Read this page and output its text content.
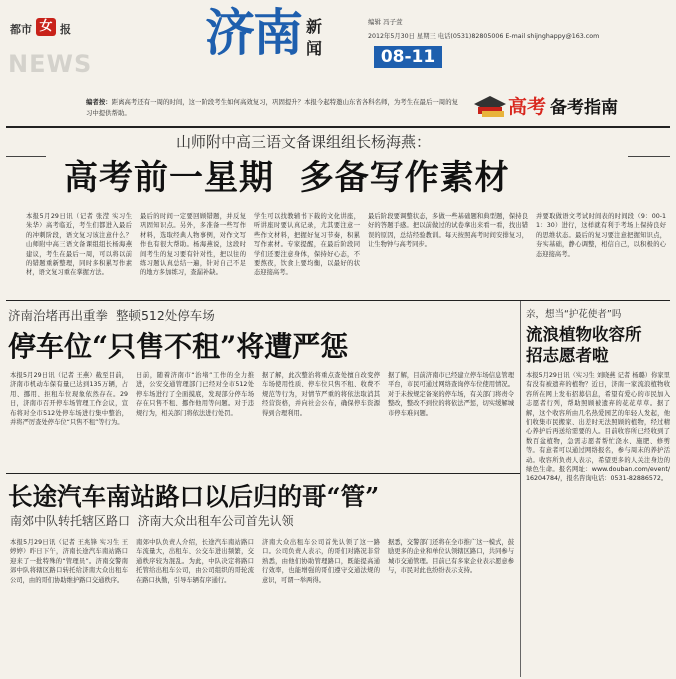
都市 女 报
NEWS
济南 新
闻
编辑 冯子萱
2012年5月30日 星期三 电话(0531)82805006 E-mail shijnghappy@163.com
08-11
编者按：距离高考还有一周的时间，这一阶段考生如何高效复习，巩固提升？本报今起特邀山东省各科名师，为考生在最后一周的复习中提供帮助。	高考 备考指南
山师附中高三语文备课组组长杨海燕：
高考前一星期  多备写作素材
本报5月29日讯（记者 张滢 实习生 朱华）高考临近，考生们都进入最后的冲刺阶段，语文复习该注意什么？山师附中高三语文备课组组长杨海燕建议，考生在最后一周，可以将以前的错题重新整理，同时多积累写作素材，语文复习重在掌握方法。
最后的时间一定要回顾错题，并反复巩固知识点。另外，多准备一些写作材料，选取经典人物事例，对作文写作也有很大帮助。杨海燕说，这段时间考生的复习要有针对性，把以往的练习题认真总结一遍，针对自己不足的地方多加练习，查漏补缺。
学生可以找教辅书下载的文化讲座，听讲座时要认真记录，尤其要注意一些作文材料，把握好复习节奏，积累写作素材。专家提醒，在最后阶段同学们还要注意身体，保持好心态，不要熬夜，饮食上要均衡，以最好的状态迎接高考。
最后阶段要调整状态，多做一些基础题和典型题，保持良好的答题手感。把以前做过的试卷拿出来看一看，找出错误的原因，总结经验教训。每天按照高考时间安排复习，让生物钟与高考同步。
并要取做语文考试时间表的时间段（9：00-11：30）进行，这样就有利于考场上保持良好的思维状态。最后的复习要注意把握知识点，夯实基础，静心调整，相信自己，以积极的心态迎接高考。
济南治堵再出重拳  整顿512处停车场
停车位“只售不租”将遭严惩
本报5月29日讯（记者 王燕）截至目前，济南市机动车保有量已达到135万辆，占用、挪用、拒租车位现象依然存在。29日，济南市召开停车场管理工作会议，宣布将对全市512处停车场进行集中整治，并将严厉查处停车位“只售不租”等行为。
日前，随着济南市“治堵”工作的全力推进，公安交通管理部门已经对全市512处停车场进行了全面摸底，发现部分停车场存在只售不租、挪作他用等问题。对于违规行为，相关部门将依法进行处罚。
据了解，此次整治将重点查处擅自改变停车场使用性质、停车位只售不租、收费不规范等行为，对情节严重的将依法取消其经营资格，并向社会公布，确保停车资源得到合理利用。
据了解，目前济南市已经建立停车场信息管理平台，市民可通过网络查询停车位使用情况。对于未按规定备案的停车场，有关部门将责令整改，整改不到位的将依法严惩，切实缓解城市停车难问题。
亲，想当“护花使者”吗
流浪植物收容所
招志愿者啦
本报5月29日讯（实习生 刘晓燕 记者 杨璐）你家里有没有被遗弃的植物？近日，济南一家流浪植物收容所在网上发布招募信息，希望有爱心的市民加入志愿者行列，帮助照顾被遗弃的花花草草。据了解，这个收容所由几名热爱园艺的年轻人发起，他们收集市民搬家、出差时无法照顾的植物，经过精心养护后再送给需要的人。目前收容所已经收到了数百盆植物，急需志愿者帮忙浇水、施肥、修剪等。有意者可以通过网络报名，参与周末的养护活动。收容所负责人表示，希望更多的人关注身边的绿色生命。报名网址：www.douban.com/event/16204784/，报名咨询电话：0531-82886572。
长途汽车南站路口以后归的哥“管”
南郊中队转托辖区路口  济南大众出租车公司首先认领
本报5月29日讯（记者 王兆锋 实习生 王婷婷）昨日下午，济南长途汽车南站路口迎来了一批特殊的“管理员”。济南交警南郊中队将辖区路口转托给济南大众出租车公司，由的哥们协助维护路口交通秩序。
南郊中队负责人介绍，长途汽车南站路口车流量大，出租车、公交车进出频繁，交通秩序较为混乱。为此，中队决定将路口托管给出租车公司，由公司组织的哥轮流在路口执勤，引导车辆有序通行。
济南大众出租车公司首先认领了这一路口。公司负责人表示，的哥们对路况非常熟悉，由他们协助管理路口，既能提高通行效率，也能增强的哥们遵守交通法规的意识，可谓一举两得。
据悉，交警部门还将在全市推广这一模式，鼓励更多的企业和单位认领辖区路口，共同参与城市交通管理。目前已有多家企业表示愿意参与，市民对此也纷纷表示支持。
